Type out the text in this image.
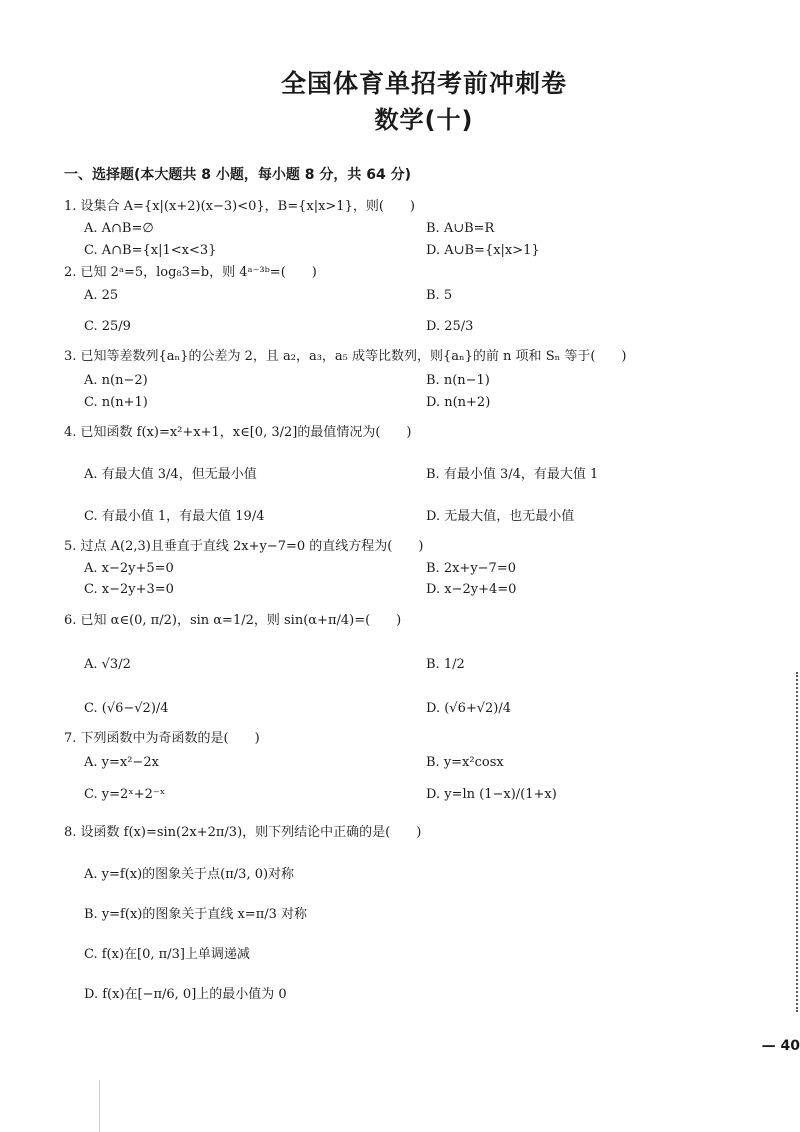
全国体育单招考前冲刺卷
数学(十)
一、选择题(本大题共 8 小题，每小题 8 分，共 64 分)
1. 设集合 A={x|(x+2)(x−3)<0}，B={x|x>1}，则(　　)
A. A∩B=∅	B. A∪B=R
C. A∩B={x|1<x<3}	D. A∪B={x|x>1}
2. 已知 2ᵃ=5，log₈3=b，则 4ᵃ⁻³ᵇ=(　　)
A. 25	B. 5
C. 25/9	D. 25/3
3. 已知等差数列{aₙ}的公差为 2，且 a₂，a₃，a₅ 成等比数列，则{aₙ}的前 n 项和 Sₙ 等于(　　)
A. n(n−2)	B. n(n−1)
C. n(n+1)	D. n(n+2)
4. 已知函数 f(x)=x²+x+1，x∈[0, 3/2]的最值情况为(　　)
A. 有最大值 3/4，但无最小值	B. 有最小值 3/4，有最大值 1
C. 有最小值 1，有最大值 19/4	D. 无最大值，也无最小值
5. 过点 A(2,3)且垂直于直线 2x+y−7=0 的直线方程为(　　)
A. x−2y+5=0	B. 2x+y−7=0
C. x−2y+3=0	D. x−2y+4=0
6. 已知 α∈(0, π/2)，sin α=1/2，则 sin(α+π/4)=(　　)
A. √3/2	B. 1/2
C. (√6−√2)/4	D. (√6+√2)/4
7. 下列函数中为奇函数的是(　　)
A. y=x²−2x	B. y=x²cosx
C. y=2ˣ+2⁻ˣ	D. y=ln (1−x)/(1+x)
8. 设函数 f(x)=sin(2x+2π/3)，则下列结论中正确的是(　　)
A. y=f(x)的图象关于点(π/3, 0)对称
B. y=f(x)的图象关于直线 x=π/3 对称
C. f(x)在[0, π/3]上单调递减
D. f(x)在[−π/6, 0]上的最小值为 0
— 40
